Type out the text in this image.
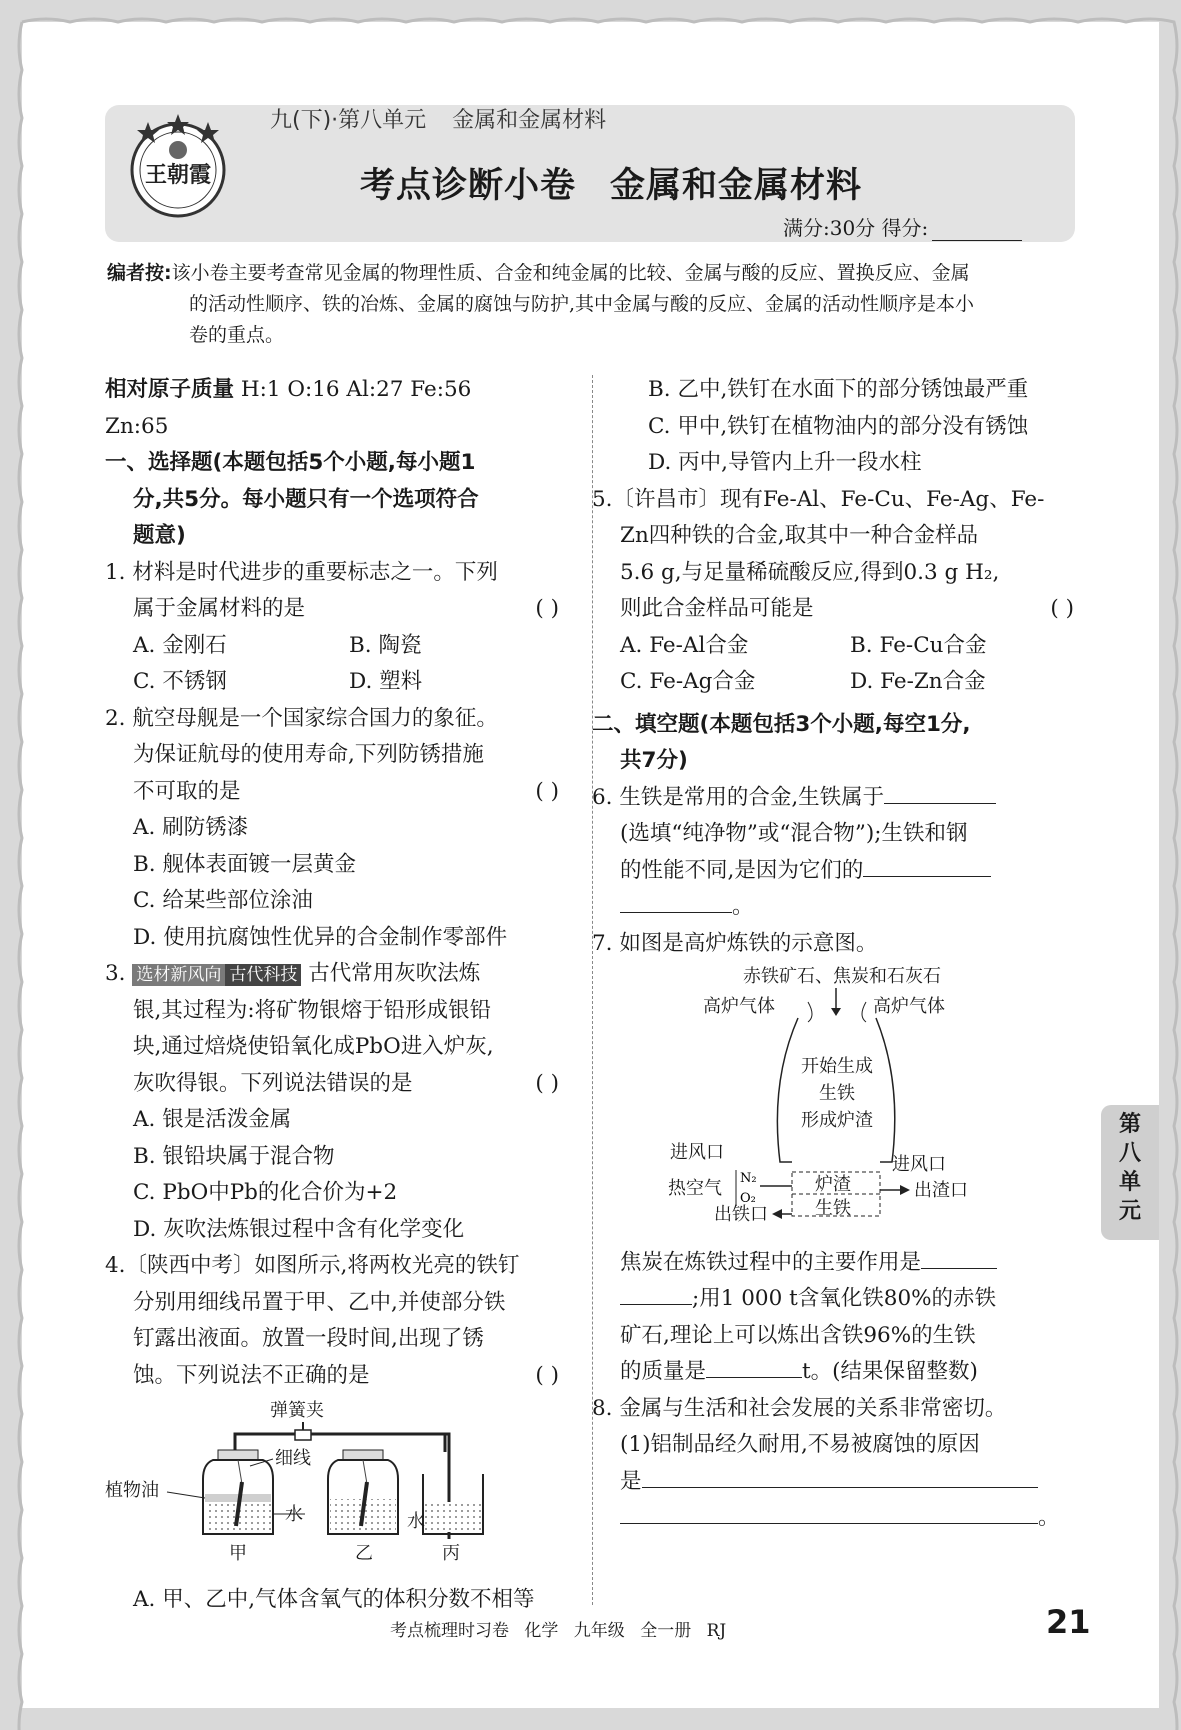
王朝霞
九(下)·第八单元 金属和金属材料
考点诊断小卷 金属和金属材料
满分:30分 得分:
编者按:该小卷主要考查常见金属的物理性质、合金和纯金属的比较、金属与酸的反应、置换反应、金属
的活动性顺序、铁的冶炼、金属的腐蚀与防护,其中金属与酸的反应、金属的活动性顺序是本小
卷的重点。
相对原子质量 H:1 O:16 Al:27 Fe:56
Zn:65
一、选择题(本题包括5个小题,每小题1
分,共5分。每小题只有一个选项符合
题意)
1. 材料是时代进步的重要标志之一。下列
属于金属材料的是	( )
A. 金刚石	B. 陶瓷
C. 不锈钢	D. 塑料
2. 航空母舰是一个国家综合国力的象征。
为保证航母的使用寿命,下列防锈措施
不可取的是	( )
A. 刷防锈漆
B. 舰体表面镀一层黄金
C. 给某些部位涂油
D. 使用抗腐蚀性优异的合金制作零部件
3. 选材新风向 古代科技 古代常用灰吹法炼
银,其过程为:将矿物银熔于铅形成银铅
块,通过焙烧使铅氧化成PbO进入炉灰,
灰吹得银。下列说法错误的是	( )
A. 银是活泼金属
B. 银铅块属于混合物
C. PbO中Pb的化合价为+2
D. 灰吹法炼银过程中含有化学变化
4.〔陕西中考〕如图所示,将两枚光亮的铁钉
分别用细线吊置于甲、乙中,并使部分铁
钉露出液面。放置一段时间,出现了锈
蚀。下列说法不正确的是	( )
弹簧夹
细线
植物油
水	水
甲	乙	丙
A. 甲、乙中,气体含氧气的体积分数不相等
B. 乙中,铁钉在水面下的部分锈蚀最严重
C. 甲中,铁钉在植物油内的部分没有锈蚀
D. 丙中,导管内上升一段水柱
5.〔许昌市〕现有Fe-Al、Fe-Cu、Fe-Ag、Fe-
Zn四种铁的合金,取其中一种合金样品
5.6 g,与足量稀硫酸反应,得到0.3 g H₂,
则此合金样品可能是	( )
A. Fe-Al合金	B. Fe-Cu合金
C. Fe-Ag合金	D. Fe-Zn合金
二、填空题(本题包括3个小题,每空1分,
共7分)
6. 生铁是常用的合金,生铁属于
(选填“纯净物”或“混合物”);生铁和钢
的性能不同,是因为它们的
。
7. 如图是高炉炼铁的示意图。
赤铁矿石、焦炭和石灰石
高炉气体	高炉气体
开始生成
生铁
形成炉渣
炉渣
生铁
进风口
进风口
热空气 N₂
O₂	出渣口
出铁口
焦炭在炼铁过程中的主要作用是
;用1 000 t含氧化铁80%的赤铁
矿石,理论上可以炼出含铁96%的生铁
的质量是	t。(结果保留整数)
8. 金属与生活和社会发展的关系非常密切。
(1)铝制品经久耐用,不易被腐蚀的原因
是
。
第
八
单
元
考点梳理时习卷 化学 九年级 全一册 RJ	21
